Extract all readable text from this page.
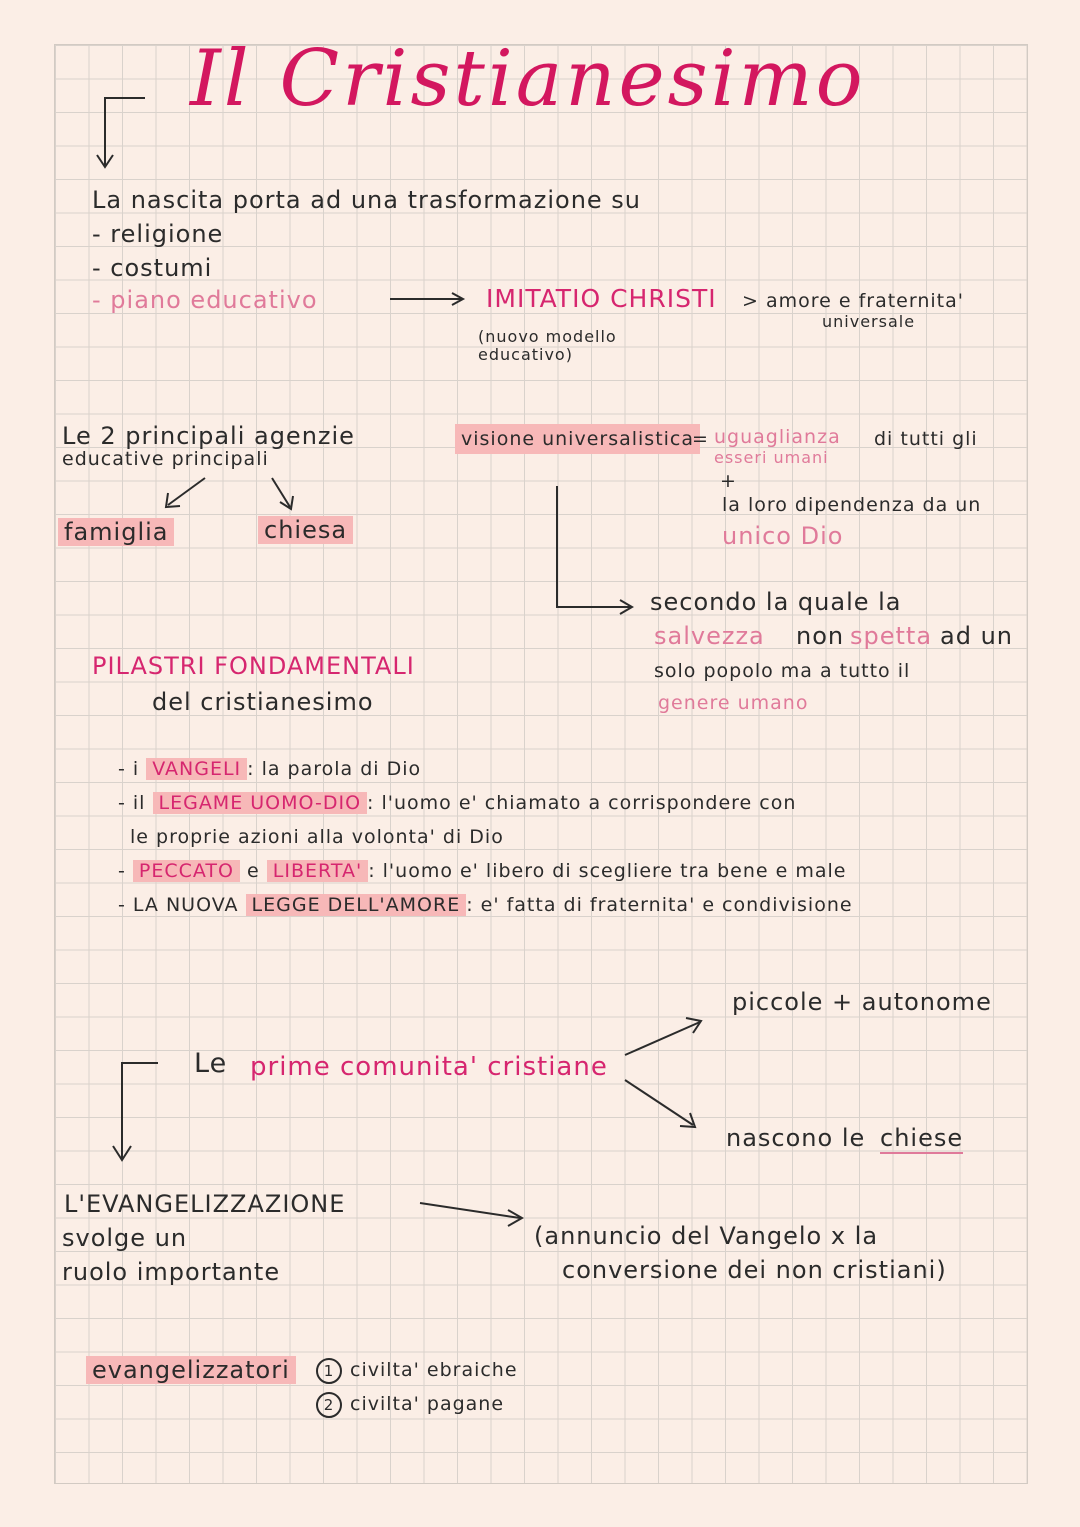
Il Cristianesimo
La nascita porta ad una trasformazione su
- religione
- costumi
- piano educativo	IMITATIO CHRISTI > amore e fraternita'
universale
(nuovo modello educativo)
Le 2 principali agenzie
educative principali
famiglia	chiesa
visione universalistica
= uguaglianza di tutti gli
esseri umani
+
la loro dipendenza da un
unico Dio
secondo la quale la
salvezza non spetta ad un
solo popolo ma a tutto il
genere umano
PILASTRI FONDAMENTALI
del cristianesimo
- i VANGELI : la parola di Dio
- il LEGAME UOMO-DIO : l'uomo e' chiamato a corrispondere con
le proprie azioni alla volonta' di Dio
- PECCATO e LIBERTA' : l'uomo e' libero di scegliere tra bene e male
- LA NUOVA LEGGE DELL'AMORE : e' fatta di fraternita' e condivisione
Le prime comunita' cristiane
piccole + autonome
nascono le chiese
L'EVANGELIZZAZIONE
svolge un
ruolo importante
(annuncio del Vangelo x la
conversione dei non cristiani)
evangelizzatori	1 civilta' ebraiche
2 civilta' pagane
